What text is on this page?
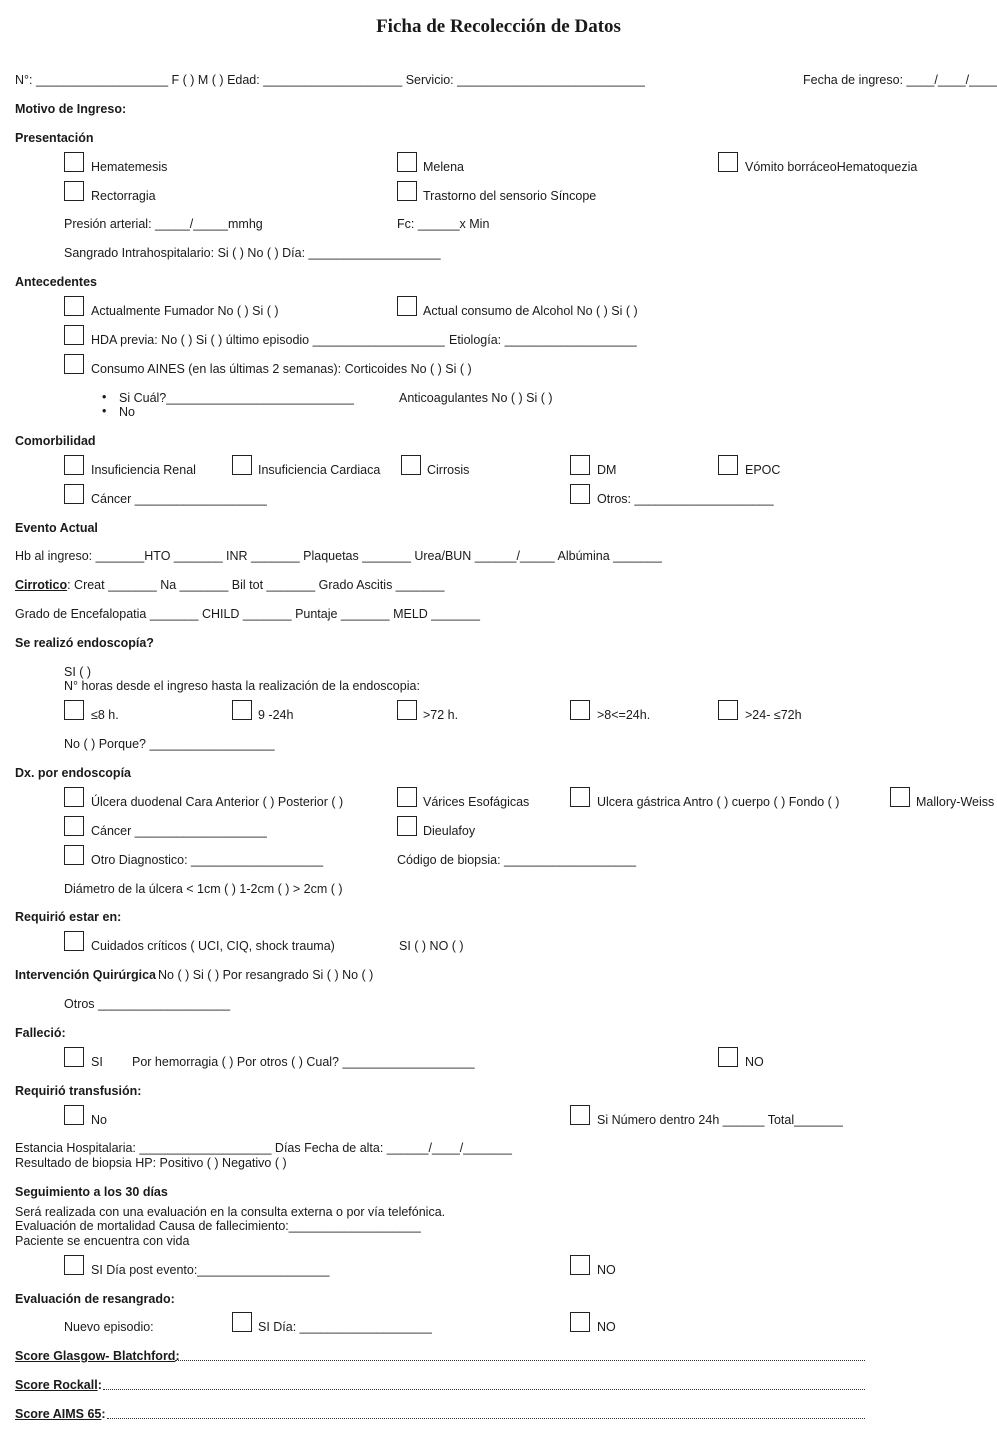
Ficha de Recolección de Datos
N°: ___________________ F ( ) M ( ) Edad: ____________________ Servicio: ___________________________	Fecha de ingreso: ____/____/____
Motivo de Ingreso:
Presentación
Hematemesis	Melena	Vómito borráceoHematoquezia
Rectorragia	Trastorno del sensorio Síncope
Presión arterial: _____/_____mmhg	Fc: ______x Min
Sangrado Intrahospitalario: Si ( ) No ( ) Día: ___________________
Antecedentes
Actualmente Fumador No ( ) Si ( )	Actual consumo de Alcohol No ( ) Si ( )
HDA previa: No ( ) Si ( ) último episodio ___________________ Etiología: ___________________
Consumo AINES (en las últimas 2 semanas): Corticoides No ( ) Si ( )
• Si Cuál?___________________________
• No
Anticoagulantes No ( ) Si ( )
Comorbilidad
Insuficiencia Renal	Insuficiencia Cardiaca	Cirrosis	DM	EPOC
Cáncer ___________________	Otros: ____________________
Evento Actual
Hb al ingreso: _______HTO _______ INR _______ Plaquetas _______ Urea/BUN ______/_____ Albúmina _______
Cirrotico: Creat _______ Na _______ Bil tot _______ Grado Ascitis _______
Grado de Encefalopatia _______ CHILD _______ Puntaje _______ MELD _______
Se realizó endoscopía?
SI ( )
N° horas desde el ingreso hasta la realización de la endoscopia:
≤8 h.	9 -24h	>72 h.	>8<=24h.	>24- ≤72h
No ( ) Porque? __________________
Dx. por endoscopía
Úlcera duodenal Cara Anterior ( ) Posterior ( )	Várices Esofágicas	Ulcera gástrica Antro ( ) cuerpo ( ) Fondo ( )	Mallory-Weiss
Cáncer ___________________	Dieulafoy
Otro Diagnostico: ___________________	Código de biopsia: ___________________
Diámetro de la úlcera < 1cm ( ) 1-2cm ( ) > 2cm ( )
Requirió estar en:
Cuidados críticos ( UCI, CIQ, shock trauma)	SI ( ) NO ( )
Intervención Quirúrgica No ( ) Si ( ) Por resangrado Si ( ) No ( )
Otros ___________________
Falleció:
SI Por hemorragia ( ) Por otros ( ) Cual? ___________________	NO
Requirió transfusión:
No	Si Número dentro 24h ______ Total_______
Estancia Hospitalaria: ___________________ Días Fecha de alta: ______/____/_______
Resultado de biopsia HP: Positivo ( ) Negativo ( )
Seguimiento a los 30 días
Será realizada con una evaluación en la consulta externa o por vía telefónica.
Evaluación de mortalidad Causa de fallecimiento:___________________
Paciente se encuentra con vida
SI Día post evento:___________________	NO
Evaluación de resangrado:
Nuevo episodio:	SI Día: ___________________	NO
Score Glasgow- Blatchford:
Score Rockall:
Score AIMS 65:
